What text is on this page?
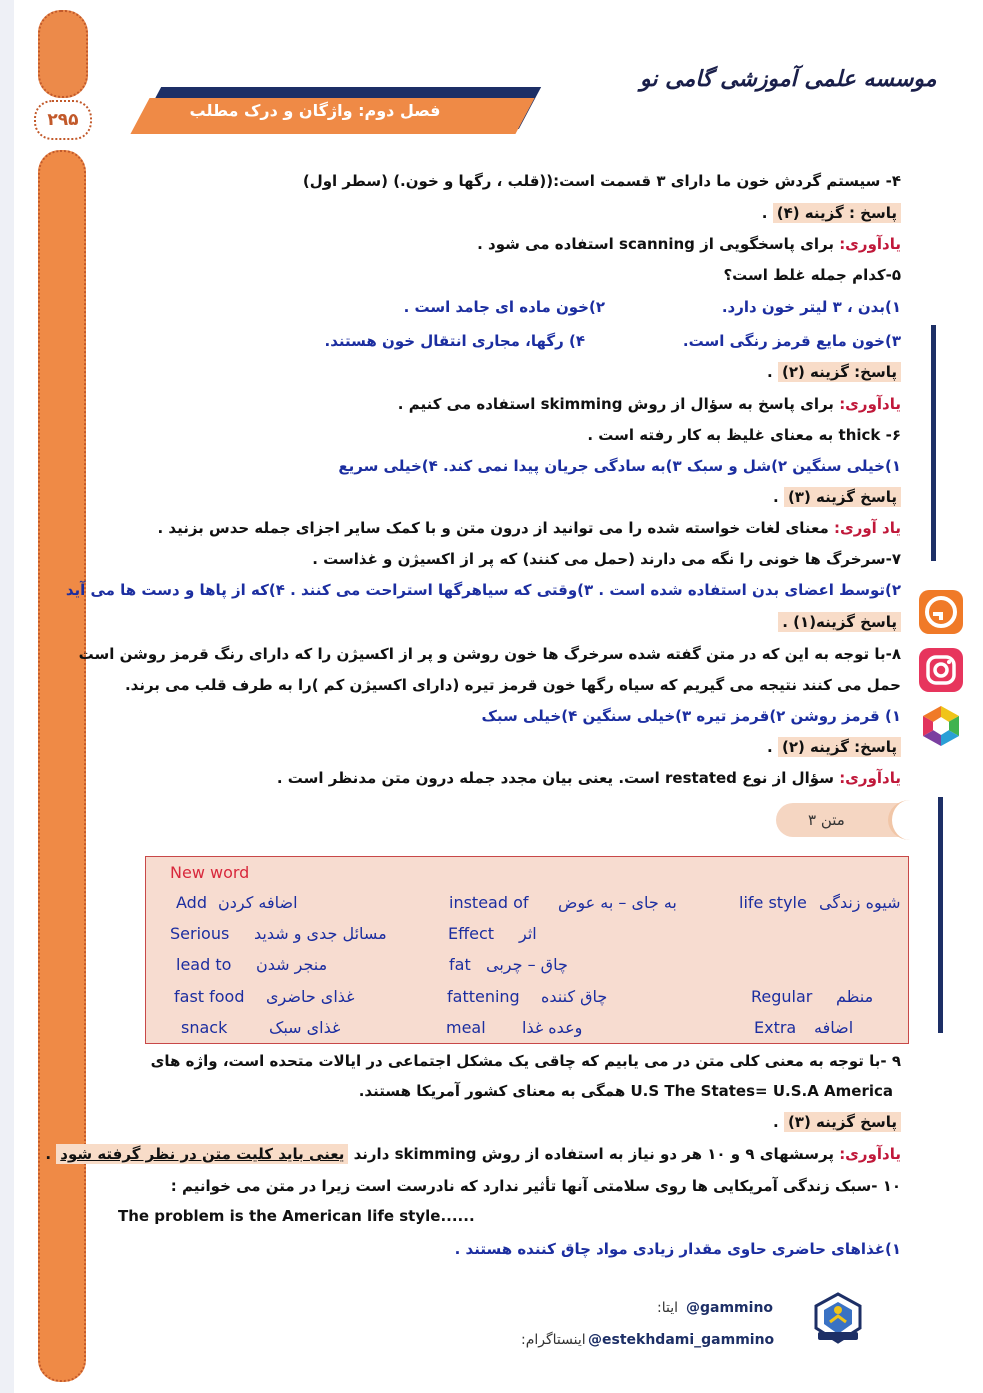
۲۹۵
موسسه علمی آموزشی گامی نو
فصل دوم: واژگان و درک مطلب
۴- سیستم گردش خون ما دارای ۳ قسمت است:((قلب ، رگها و خون.) (سطر اول)
پاسخ : گزینه (۴) .
یادآوری: برای پاسخگویی از scanning استفاده می شود .
۵-کدام جمله غلط است؟
۱)بدن ، ۳ لیتر خون دارد.
۲)خون ماده ای جامد است .
۳)خون مایع قرمز رنگی است.
۴) رگها، مجاری انتقال خون هستند.
پاسخ: گزینه (۲) .
یادآوری: برای پاسخ به سؤال از روش skimming استفاده می کنیم .
۶- thick به معنای غلیظ به کار رفته است .
۱)خیلی سنگین ۲)شل و سبک ۳)به سادگی جریان پیدا نمی کند. ۴)خیلی سریع
پاسخ گزینه (۳) .
یاد آوری: معنای لغات خواسته شده را می توانید از درون متن و با کمک سایر اجزای جمله حدس بزنید .
۷-سرخرگ ها خونی را نگه می دارند (حمل می کنند) که پر از اکسیژن و غذاست .
۲)توسط اعضای بدن استفاده شده است . ۳)وقتی که سیاهرگها استراحت می کنند . ۴)که از پاها و دست ها می آید
پاسخ گزینه(۱) .
۸-با توجه به این که در متن گفته شده سرخرگ ها خون روشن و پر از اکسیژن را که دارای رنگ قرمز روشن است
حمل می کنند نتیجه می گیریم که سیاه رگها خون قرمز تیره (دارای اکسیژن کم )را به طرف قلب می برند.
۱) قرمز روشن ۲)قرمز تیره ۳)خیلی سنگین ۴)خیلی سبک
پاسخ: گزینه (۲) .
یادآوری: سؤال از نوع restated است. یعنی بیان مجدد جمله درون متن مدنظر است .
متن ۳
New word
Add اضافه کردن	instead of به جای – به عوض	life style شیوه زندگی
Serious مسائل جدی و شدید	Effect اثر
lead to منجر شدن	fat چاق – چربی
fast food غذای حاضری	fattening چاق کننده	Regular منظم
snack	غذای سبک	meal وعده غذا	Extra اضافه
۹ -با توجه به معنی کلی متن در می یابیم که چاقی یک مشکل اجتماعی در ایالات متحده است، واژه های
U.S The States= U.S.A America همگی به معنای کشور آمریکا هستند.
پاسخ گزینه (۳) .
یادآوری: پرسشهای ۹ و ۱۰ هر دو نیاز به استفاده از روش skimming دارند یعنی باید کلیت متن در نظر گرفته شود .
۱۰ -سبک زندگی آمریکایی ها روی سلامتی آنها تأثیر ندارد که نادرست است زیرا در متن می خوانیم :
The problem is the American life style......
۱)غذاهای حاضری حاوی مقدار زیادی مواد چاق کننده هستند .
@gammino
:ایتا
@estekhdami_gammino
:اینستاگرام
